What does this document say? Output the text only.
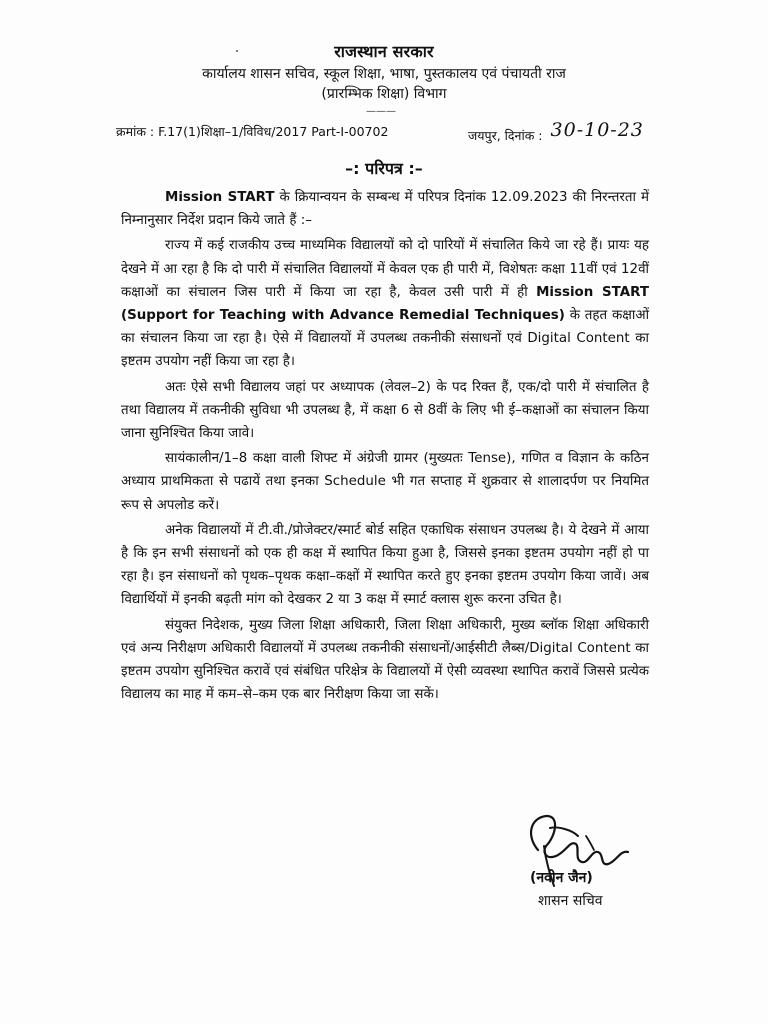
राजस्थान सरकार
कार्यालय शासन सचिव, स्कूल शिक्षा, भाषा, पुस्तकालय एवं पंचायती राज
(प्रारम्भिक शिक्षा) विभाग
———
क्रमांक : F.17(1)शिक्षा–1/विविध/2017 Part-I-00702	जयपुर, दिनांक : 30-10-23
–: परिपत्र :–

Mission START के क्रियान्वयन के सम्बन्ध में परिपत्र दिनांक 12.09.2023 की निरन्तरता में निम्नानुसार निर्देश प्रदान किये जाते हैं :–

राज्य में कई राजकीय उच्च माध्यमिक विद्यालयों को दो पारियों में संचालित किये जा रहे हैं। प्रायः यह देखने में आ रहा है कि दो पारी में संचालित विद्यालयों में केवल एक ही पारी में, विशेषतः कक्षा 11वीं एवं 12वीं कक्षाओं का संचालन जिस पारी में किया जा रहा है, केवल उसी पारी में ही Mission START (Support for Teaching with Advance Remedial Techniques) के तहत कक्षाओं का संचालन किया जा रहा है। ऐसे में विद्यालयों में उपलब्ध तकनीकी संसाधनों एवं Digital Content का इष्टतम उपयोग नहीं किया जा रहा है।

अतः ऐसे सभी विद्यालय जहां पर अध्यापक (लेवल–2) के पद रिक्त हैं, एक/दो पारी में संचालित है तथा विद्यालय में तकनीकी सुविधा भी उपलब्ध है, में कक्षा 6 से 8वीं के लिए भी ई–कक्षाओं का संचालन किया जाना सुनिश्चित किया जावे।

सायंकालीन/1–8 कक्षा वाली शिफ्ट में अंग्रेजी ग्रामर (मुख्यतः Tense), गणित व विज्ञान के कठिन अध्याय प्राथमिकता से पढायें तथा इनका Schedule भी गत सप्ताह में शुक्रवार से शालादर्पण पर नियमित रूप से अपलोड करें।

अनेक विद्यालयों में टी.वी./प्रोजेक्टर/स्मार्ट बोर्ड सहित एकाधिक संसाधन उपलब्ध है। ये देखने में आया है कि इन सभी संसाधनों को एक ही कक्ष में स्थापित किया हुआ है, जिससे इनका इष्टतम उपयोग नहीं हो पा रहा है। इन संसाधनों को पृथक–पृथक कक्षा–कक्षों में स्थापित करते हुए इनका इष्टतम उपयोग किया जावें। अब विद्यार्थियों में इनकी बढ़ती मांग को देखकर 2 या 3 कक्ष में स्मार्ट क्लास शुरू करना उचित है।

संयुक्त निदेशक, मुख्य जिला शिक्षा अधिकारी, जिला शिक्षा अधिकारी, मुख्य ब्लॉक शिक्षा अधिकारी एवं अन्य निरीक्षण अधिकारी विद्यालयों में उपलब्ध तकनीकी संसाधनों/आईसीटी लैब्स/Digital Content का इष्टतम उपयोग सुनिश्चित करावें एवं संबंधित परिक्षेत्र के विद्यालयों में ऐसी व्यवस्था स्थापित करावें जिससे प्रत्येक विद्यालय का माह में कम–से–कम एक बार निरीक्षण किया जा सकें।

(नवीन जैन)
शासन सचिव
